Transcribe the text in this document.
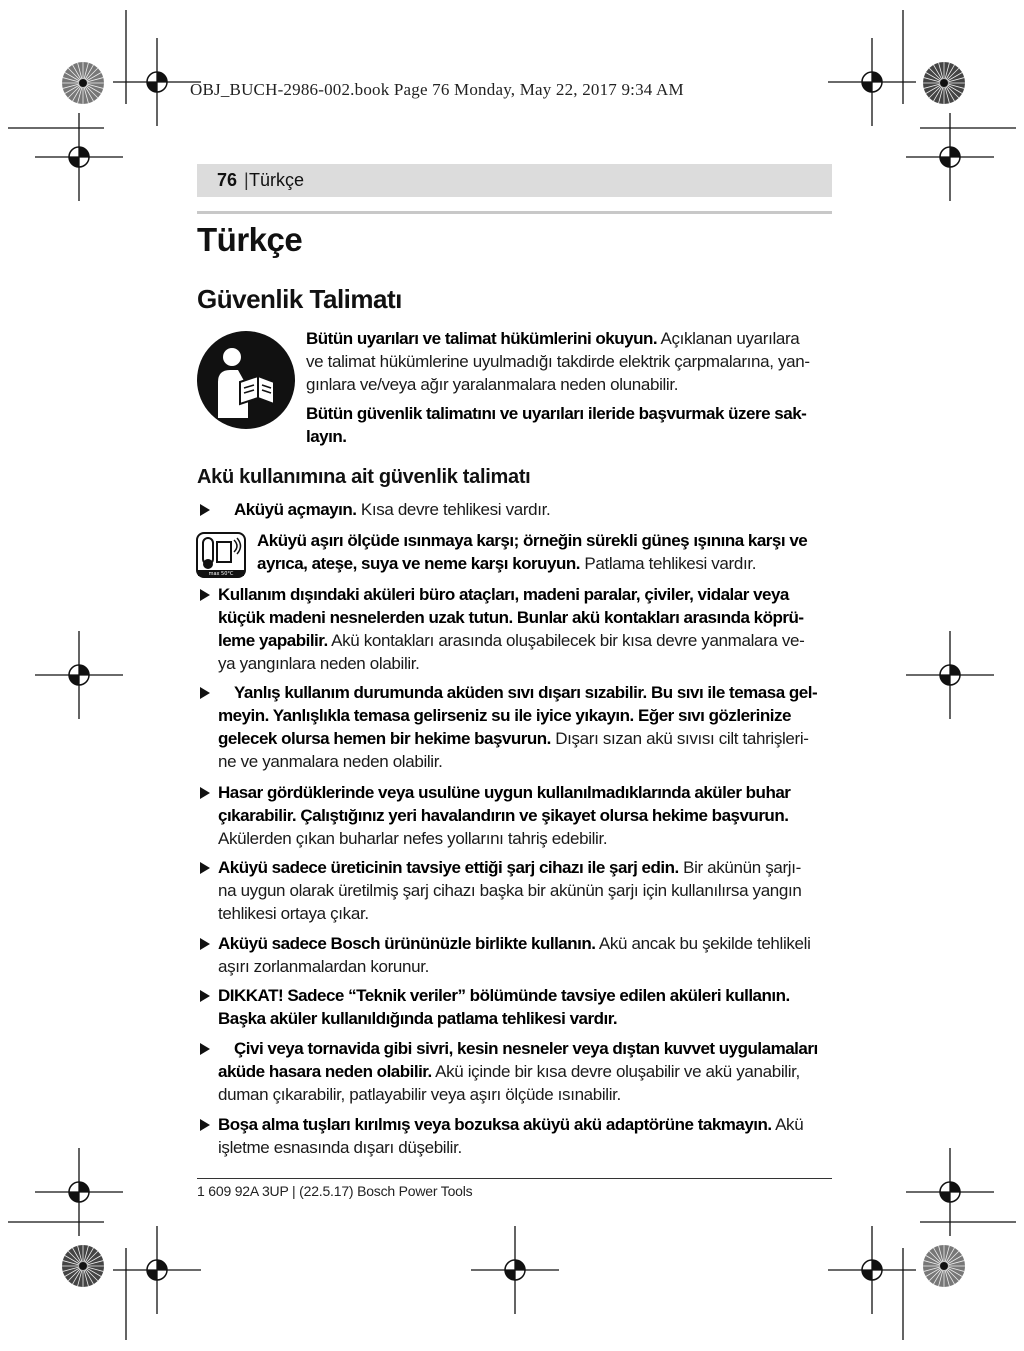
OBJ_BUCH-2986-002.book Page 76 Monday, May 22, 2017 9:34 AM
76 | Türkçe
Türkçe
Güvenlik Talimatı
Bütün uyarıları ve talimat hükümlerini okuyun. Açıklanan uyarılara
ve talimat hükümlerine uyulmadığı takdirde elektrik çarpmalarına, yan-
gınlara ve/veya ağır yaralanmalara neden olunabilir.
Bütün güvenlik talimatını ve uyarıları ileride başvurmak üzere sak-
layın.
Akü kullanımına ait güvenlik talimatı
Aküyü açmayın. Kısa devre tehlikesi vardır.
max 50°C
Aküyü aşırı ölçüde ısınmaya karşı; örneğin sürekli güneş ışınına karşı ve
ayrıca, ateşe, suya ve neme karşı koruyun. Patlama tehlikesi vardır.
Kullanım dışındaki aküleri büro ataçları, madeni paralar, çiviler, vidalar veya
küçük madeni nesnelerden uzak tutun. Bunlar akü kontakları arasında köprü-
leme yapabilir. Akü kontakları arasında oluşabilecek bir kısa devre yanmalara ve-
ya yangınlara neden olabilir.
Yanlış kullanım durumunda aküden sıvı dışarı sızabilir. Bu sıvı ile temasa gel-
meyin. Yanlışlıkla temasa gelirseniz su ile iyice yıkayın. Eğer sıvı gözlerinize
gelecek olursa hemen bir hekime başvurun. Dışarı sızan akü sıvısı cilt tahrişleri-
ne ve yanmalara neden olabilir.
Hasar gördüklerinde veya usulüne uygun kullanılmadıklarında aküler buhar
çıkarabilir. Çalıştığınız yeri havalandırın ve şikayet olursa hekime başvurun.
Akülerden çıkan buharlar nefes yollarını tahriş edebilir.
Aküyü sadece üreticinin tavsiye ettiği şarj cihazı ile şarj edin. Bir akünün şarjı-
na uygun olarak üretilmiş şarj cihazı başka bir akünün şarjı için kullanılırsa yangın
tehlikesi ortaya çıkar.
Aküyü sadece Bosch ürününüzle birlikte kullanın. Akü ancak bu şekilde tehlikeli
aşırı zorlanmalardan korunur.
DIKKAT! Sadece “Teknik veriler” bölümünde tavsiye edilen aküleri kullanın.
Başka aküler kullanıldığında patlama tehlikesi vardır.
Çivi veya tornavida gibi sivri, kesin nesneler veya dıştan kuvvet uygulamaları
aküde hasara neden olabilir. Akü içinde bir kısa devre oluşabilir ve akü yanabilir,
duman çıkarabilir, patlayabilir veya aşırı ölçüde ısınabilir.
Boşa alma tuşları kırılmış veya bozuksa aküyü akü adaptörüne takmayın. Akü
işletme esnasında dışarı düşebilir.
1 609 92A 3UP | (22.5.17) Bosch Power Tools
